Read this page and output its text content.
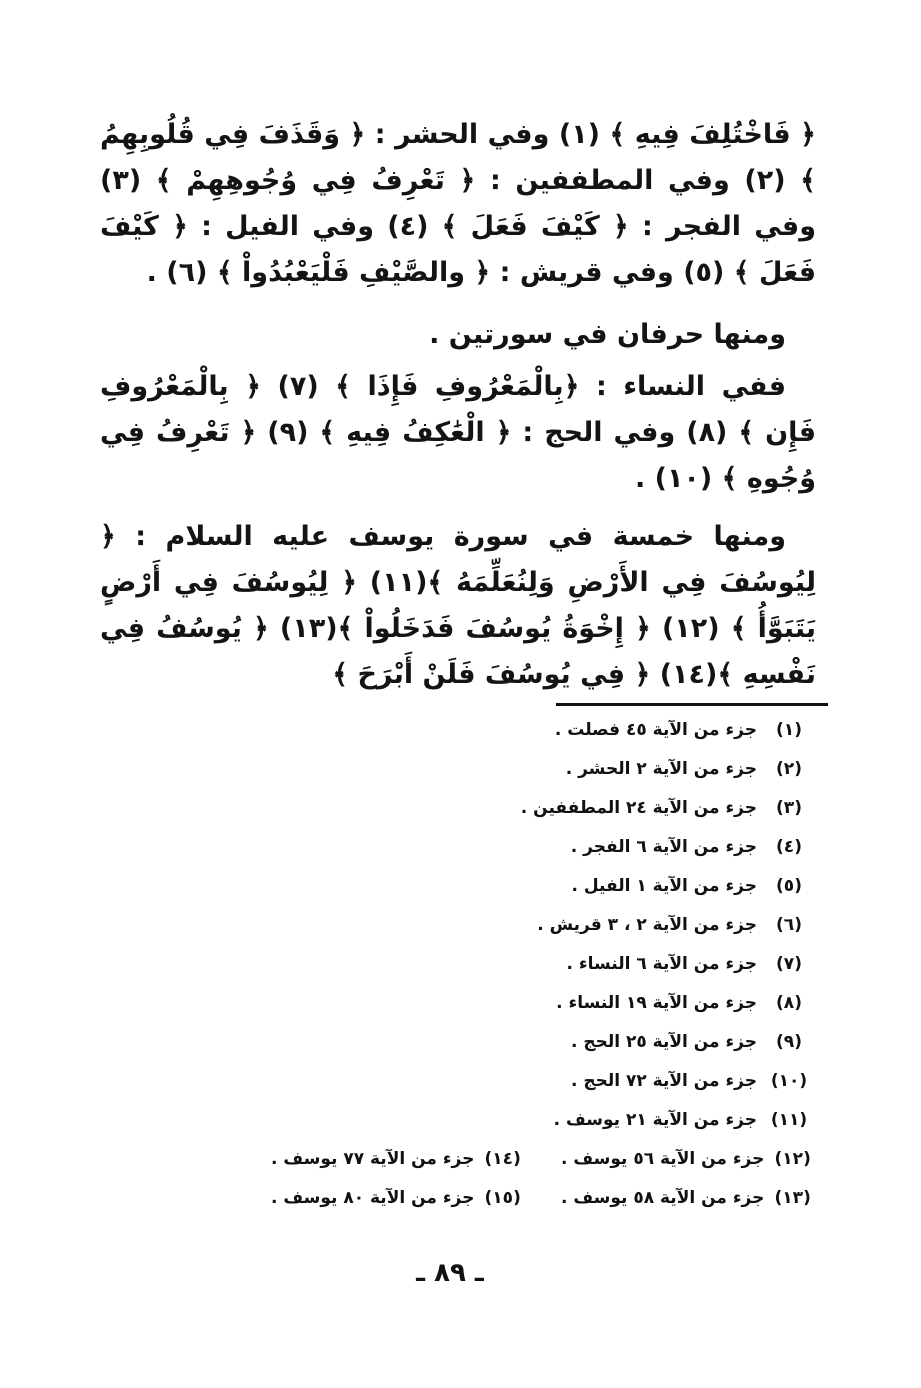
﴿ فَاخْتُلِفَ فِيهِ ﴾ (١) وفي الحشر : ﴿ وَقَذَفَ فِي قُلُوبِهِمُ ﴾ (٢) وفي المطففين : ﴿ تَعْرِفُ فِي وُجُوهِهِمْ ﴾ (٣) وفي الفجر : ﴿ كَيْفَ فَعَلَ ﴾ (٤) وفي الفيل : ﴿ كَيْفَ فَعَلَ ﴾ (٥) وفي قريش : ﴿ والصَّيْفِ فَلْيَعْبُدُواْ ﴾ (٦) .
ومنها حرفان في سورتين .
ففي النساء : ﴿بِالْمَعْرُوفِ فَإِذَا ﴾ (٧) ﴿ بِالْمَعْرُوفِ فَإِن ﴾ (٨) وفي الحج : ﴿ الْعَٰكِفُ فِيهِ ﴾ (٩) ﴿ تَعْرِفُ فِي وُجُوهِ ﴾ (١٠) .
ومنها خمسة في سورة يوسف عليه السلام : ﴿ لِيُوسُفَ فِي الأَرْضِ وَلِنُعَلِّمَهُ ﴾(١١) ﴿ لِيُوسُفَ فِي أَرْضٍ يَتَبَوَّأُ ﴾ (١٢) ﴿ إِخْوَةُ يُوسُفَ فَدَخَلُواْ ﴾(١٣) ﴿ يُوسُفُ فِي نَفْسِهِ ﴾(١٤) ﴿ فِي يُوسُفَ فَلَنْ أَبْرَحَ ﴾
(١)
جزء من الآية ٤٥ فصلت .
(٢)
جزء من الآية ٢ الحشر .
(٣)
جزء من الآية ٢٤ المطففين .
(٤)
جزء من الآية ٦ الفجر .
(٥)
جزء من الآية ١ الفيل .
(٦)
جزء من الآية ٢ ، ٣ قريش .
(٧)
جزء من الآية ٦ النساء .
(٨)
جزء من الآية ١٩ النساء .
(٩)
جزء من الآية ٢٥ الحج .
(١٠)
جزء من الآية ٧٢ الحج .
(١١)
جزء من الآية ٢١ يوسف .
(١٢)
جزء من الآية ٥٦ يوسف .
(١٤)
جزء من الآية ٧٧ يوسف .
(١٣)
جزء من الآية ٥٨ يوسف .
(١٥)
جزء من الآية ٨٠ يوسف .
ـ ٨٩ ـ
